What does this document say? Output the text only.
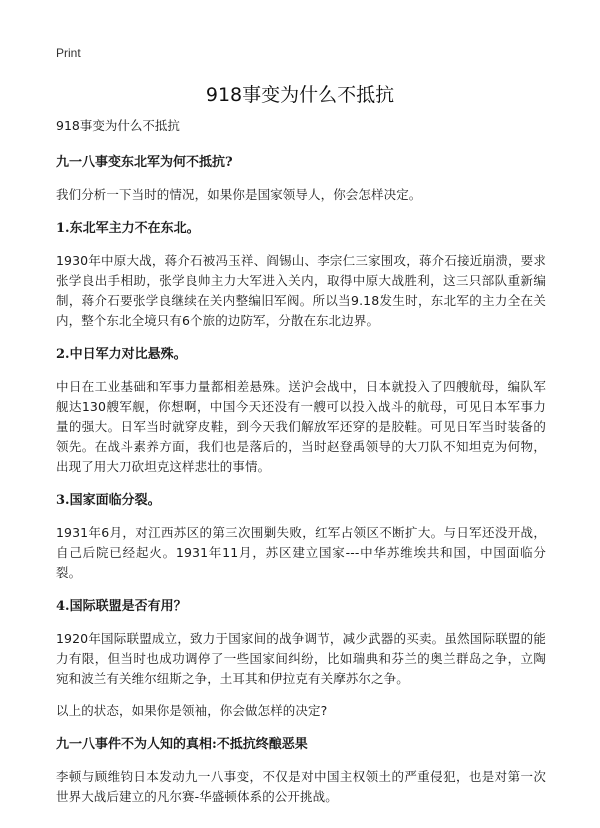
Print
918事变为什么不抵抗

918事变为什么不抵抗

九一八事变东北军为何不抵抗?

我们分析一下当时的情况，如果你是国家领导人，你会怎样决定。

1.东北军主力不在东北。

1930年中原大战，蒋介石被冯玉祥、阎锡山、李宗仁三家围攻，蒋介石接近崩溃，要求张学良出手相助，张学良帅主力大军进入关内，取得中原大战胜利，这三只部队重新编制，蒋介石要张学良继续在关内整编旧军阀。所以当9.18发生时，东北军的主力全在关内，整个东北全境只有6个旅的边防军，分散在东北边界。

2.中日军力对比悬殊。

中日在工业基础和军事力量都相差悬殊。送沪会战中，日本就投入了四艘航母，编队军舰达130艘军舰，你想啊，中国今天还没有一艘可以投入战斗的航母，可见日本军事力量的强大。日军当时就穿皮鞋，到今天我们解放军还穿的是胶鞋。可见日军当时装备的领先。在战斗素养方面，我们也是落后的，当时赵登禹领导的大刀队不知坦克为何物，出现了用大刀砍坦克这样悲壮的事情。

3.国家面临分裂。

1931年6月，对江西苏区的第三次围剿失败，红军占领区不断扩大。与日军还没开战，自己后院已经起火。1931年11月，苏区建立国家---中华苏维埃共和国，中国面临分裂。

4.国际联盟是否有用？

1920年国际联盟成立，致力于国家间的战争调节，减少武器的买卖。虽然国际联盟的能力有限，但当时也成功调停了一些国家间纠纷，比如瑞典和芬兰的奥兰群岛之争，立陶宛和波兰有关维尔纽斯之争，土耳其和伊拉克有关摩苏尔之争。

以上的状态，如果你是领袖，你会做怎样的决定?

九一八事件不为人知的真相:不抵抗终酿恶果

李顿与顾维钧日本发动九一八事变，不仅是对中国主权领土的严重侵犯，也是对第一次世界大战后建立的凡尔赛-华盛顿体系的公开挑战。
